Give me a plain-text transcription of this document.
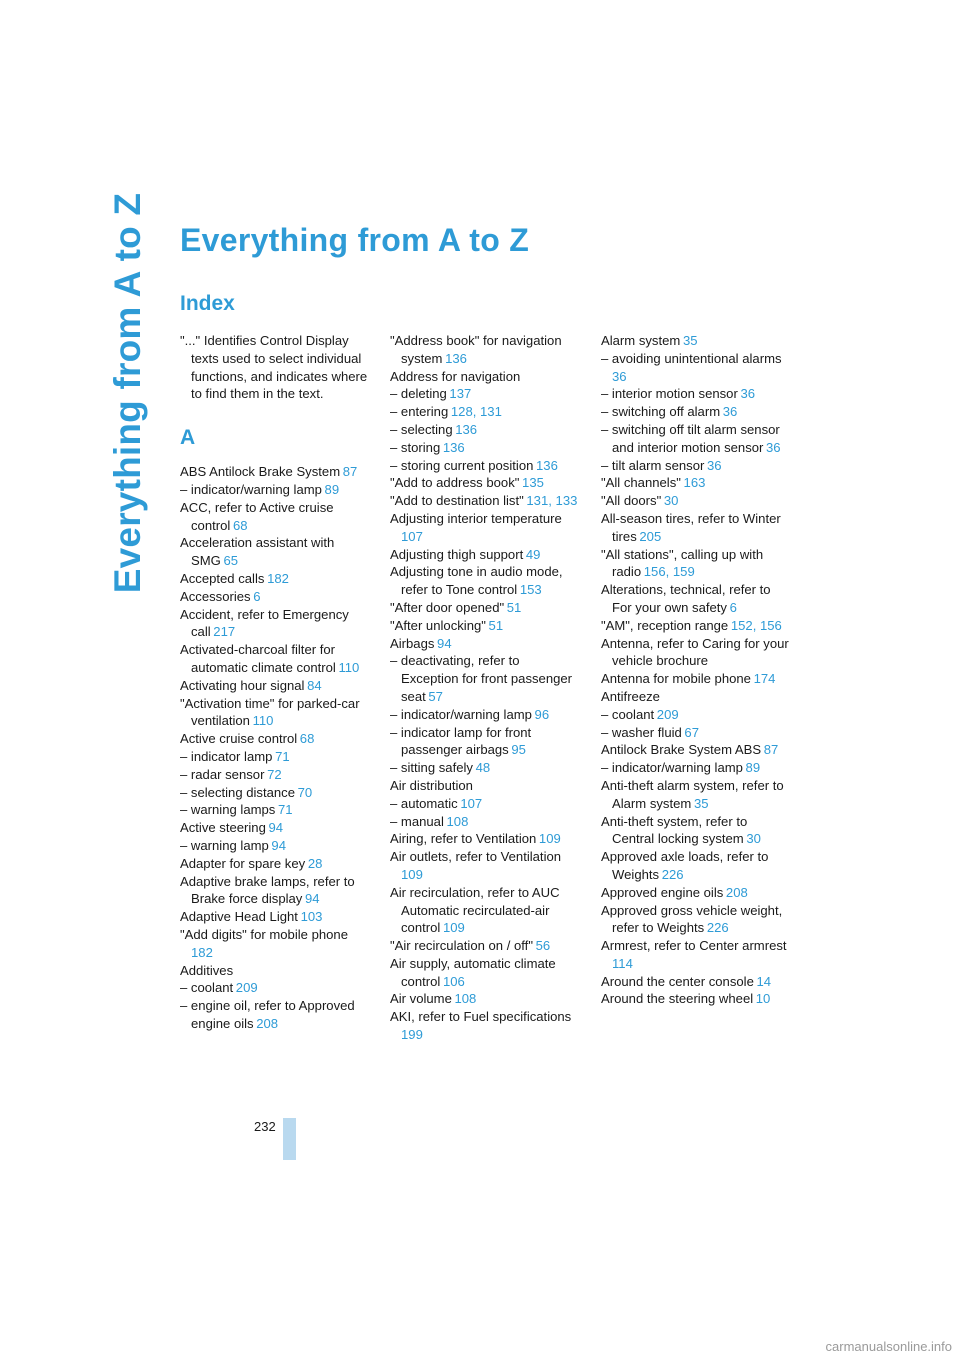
Everything from A to Z Everything from A to Z
Index
"..." Identifies Control Display texts used to select individual functions, and indicates where to find them in the text.
A
ABS Antilock Brake System  87
– indicator/warning lamp  89
ACC, refer to Active cruise control  68
Acceleration assistant with SMG  65
Accepted calls  182
Accessories  6
Accident, refer to Emergency call  217
Activated-charcoal filter for automatic climate control  110
Activating hour signal  84
"Activation time" for parked-car ventilation  110
Active cruise control  68
– indicator lamp  71
– radar sensor  72
– selecting distance  70
– warning lamps  71
Active steering  94
– warning lamp  94
Adapter for spare key  28
Adaptive brake lamps, refer to Brake force display  94
Adaptive Head Light  103
"Add digits" for mobile phone 182
Additives
– coolant  209
– engine oil, refer to Approved engine oils  208
"Address book" for navigation system  136
Address for navigation
– deleting  137
– entering  128, 131
– selecting  136
– storing  136
– storing current position  136
"Add to address book"  135
"Add to destination list"  131, 133
Adjusting interior temperature 107
Adjusting thigh support  49
Adjusting tone in audio mode, refer to Tone control  153
"After door opened"  51
"After unlocking"  51
Airbags  94
– deactivating, refer to Exception for front passenger seat  57
– indicator/warning lamp  96
– indicator lamp for front passenger airbags  95
– sitting safely  48
Air distribution
– automatic  107
– manual  108
Airing, refer to Ventilation  109
Air outlets, refer to Ventilation 109
Air recirculation, refer to AUC Automatic recirculated-air control  109
"Air recirculation on / off"  56
Air supply, automatic climate control  106
Air volume  108
AKI, refer to Fuel specifications 199
Alarm system  35
– avoiding unintentional alarms 36
– interior motion sensor  36
– switching off alarm  36
– switching off tilt alarm sensor and interior motion sensor  36
– tilt alarm sensor  36
"All channels"  163
"All doors"  30
All-season tires, refer to Winter tires  205
"All stations", calling up with radio  156, 159
Alterations, technical, refer to For your own safety  6
"AM", reception range  152, 156
Antenna, refer to Caring for your vehicle brochure
Antenna for mobile phone  174
Antifreeze
– coolant  209
– washer fluid  67
Antilock Brake System ABS  87
– indicator/warning lamp  89
Anti-theft alarm system, refer to Alarm system  35
Anti-theft system, refer to Central locking system  30
Approved axle loads, refer to Weights  226
Approved engine oils  208
Approved gross vehicle weight, refer to Weights  226
Armrest, refer to Center armrest 114
Around the center console  14
Around the steering wheel  10
232
carmanualsonline.info
